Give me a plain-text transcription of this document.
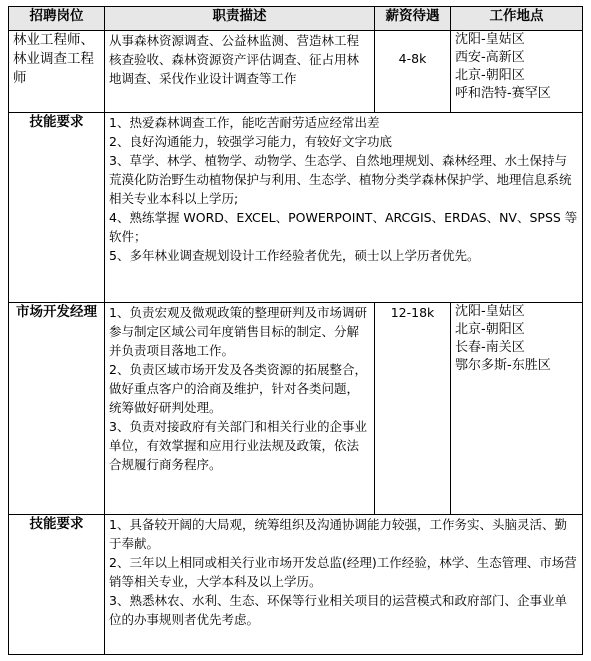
招聘岗位	职责描述	薪资待遇	工作地点
林业工程师、林业调查工程师	从事森林资源调查、公益林监测、营造林工程核查验收、森林资源资产评估调查、征占用林地调查、采伐作业设计调查等工作	4-8k	沈阳-皇姑区
西安-高新区
北京-朝阳区
呼和浩特-赛罕区

技能要求	1、热爱森林调查工作，能吃苦耐劳适应经常出差
2、良好沟通能力，较强学习能力，有较好文字功底
3、草学、林学、植物学、动物学、生态学、自然地理规划、森林经理、水土保持与荒漠化防治野生动植物保护与利用、生态学、植物分类学森林保护学、地理信息系统相关专业本科以上学历;
4、熟练掌握 WORD、EXCEL、POWERPOINT、ARCGIS、ERDAS、NV、SPSS 等软件；
5、多年林业调查规划设计工作经验者优先，硕士以上学历者优先。		

市场开发经理	1、负责宏观及微观政策的整理研判及市场调研参与制定区域公司年度销售目标的制定、分解并负责项目落地工作。
2、负责区域市场开发及各类资源的拓展整合，做好重点客户的洽商及维护，针对各类问题，统筹做好研判处理。
3、负责对接政府有关部门和相关行业的企事业单位，有效掌握和应用行业法规及政策，依法合规履行商务程序。	12-18k	沈阳-皇姑区
北京-朝阳区
长春-南关区
鄂尔多斯-东胜区

技能要求	1、具备较开阔的大局观，统筹组织及沟通协调能力较强，工作务实、头脑灵活、勤于奉献。
2、三年以上相同或相关行业市场开发总监(经理)工作经验，林学、生态管理、市场营销等相关专业，大学本科及以上学历。
3、熟悉林农、水利、生态、环保等行业相关项目的运营模式和政府部门、企事业单位的办事规则者优先考虑。		
